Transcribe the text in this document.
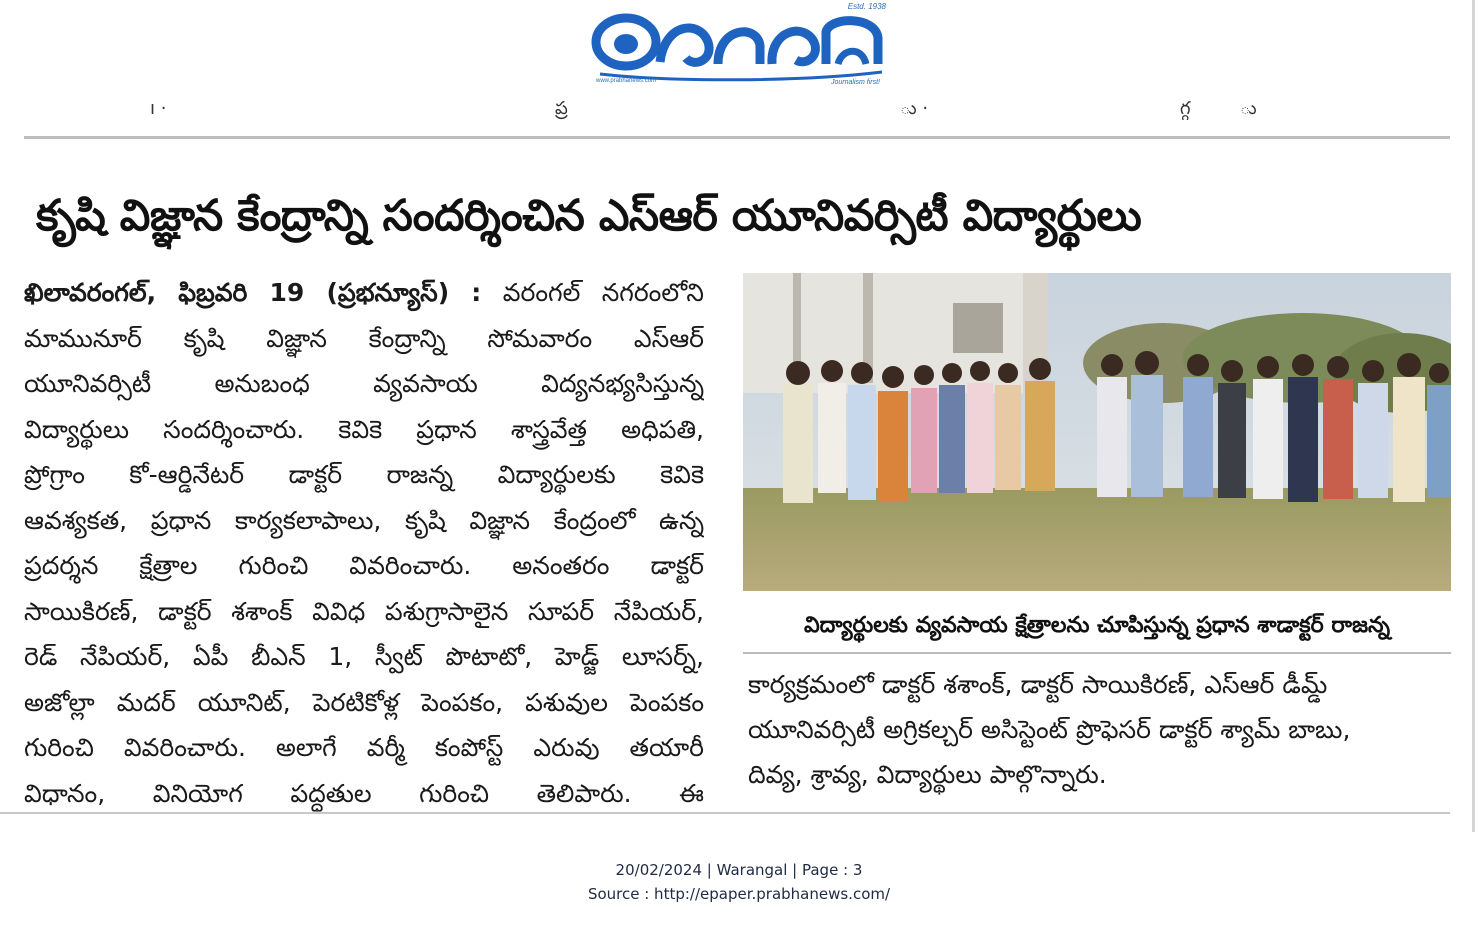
Estd. 1938
www.prabhanews.com	Journalism first!
ı ·	ప్ర	ు ·	గ్గ	ు
కృషి విజ్ఞాన కేంద్రాన్ని సందర్శించిన ఎస్ఆర్ యూనివర్సిటీ విద్యార్థులు
ఖిలావరంగల్, ఫిబ్రవరి 19 (ప్రభన్యూస్) : వరంగల్ నగరంలోని
మామునూర్ కృషి విజ్ఞాన కేంద్రాన్ని సోమవారం ఎస్ఆర్
యూనివర్సిటీ అనుబంధ వ్యవసాయ విద్యనభ్యసిస్తున్న
విద్యార్థులు సందర్శించారు. కెవికె ప్రధాన శాస్త్రవేత్త అధిపతి,
ప్రోగ్రాం కో-ఆర్డినేటర్ డాక్టర్ రాజన్న విద్యార్థులకు కెవికె
ఆవశ్యకత, ప్రధాన కార్యకలాపాలు, కృషి విజ్ఞాన కేంద్రంలో ఉన్న
ప్రదర్శన క్షేత్రాల గురించి వివరించారు. అనంతరం డాక్టర్
సాయికిరణ్, డాక్టర్ శశాంక్ వివిధ పశుగ్రాసాలైన సూపర్ నేపియర్,
రెడ్ నేపియర్, ఏపీ బీఎన్ 1, స్వీట్ పొటాటో, హెడ్జ్ లూసర్న్,
అజోల్లా మదర్ యూనిట్, పెరటికోళ్ల పెంపకం, పశువుల పెంపకం
గురించి వివరించారు. అలాగే వర్మీ కంపోస్ట్ ఎరువు తయారీ
విధానం, వినియోగ పద్ధతుల గురించి తెలిపారు. ఈ
విద్యార్థులకు వ్యవసాయ క్షేత్రాలను చూపిస్తున్న ప్రధాన శాడాక్టర్ రాజన్న
కార్యక్రమంలో డాక్టర్ శశాంక్, డాక్టర్ సాయికిరణ్, ఎస్ఆర్ డీమ్డ్
యూనివర్సిటీ అగ్రికల్చర్ అసిస్టెంట్ ప్రొఫెసర్ డాక్టర్ శ్యామ్ బాబు,
దివ్య, శ్రావ్య, విద్యార్థులు పాల్గొన్నారు.
20/02/2024 | Warangal | Page : 3
Source : http://epaper.prabhanews.com/
